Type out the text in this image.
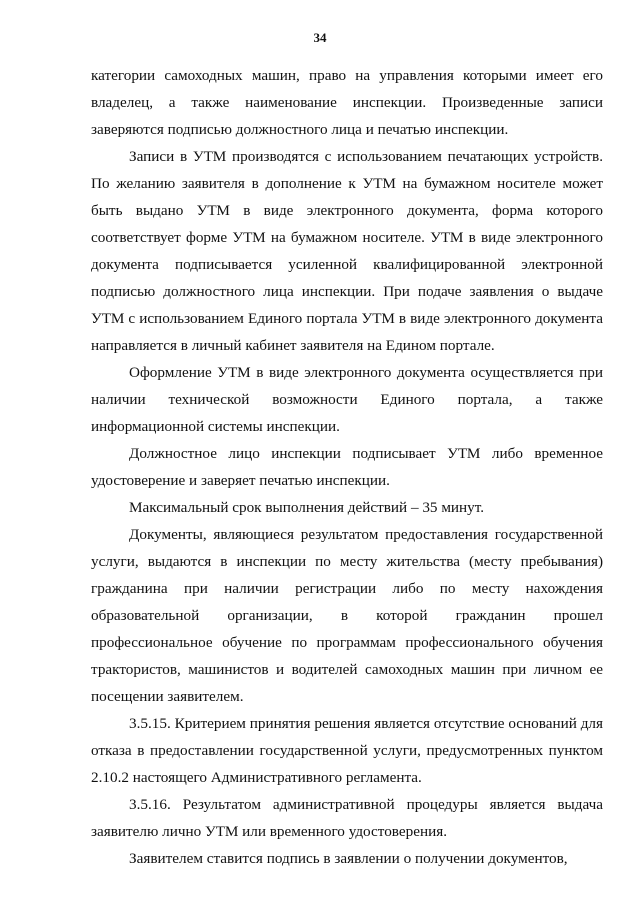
34

категории самоходных машин, право на управления которыми имеет его владелец, а также наименование инспекции. Произведенные записи заверяются подписью должностного лица и печатью инспекции.

Записи в УТМ производятся с использованием печатающих устройств. По желанию заявителя в дополнение к УТМ на бумажном носителе может быть выдано УТМ в виде электронного документа, форма которого соответствует форме УТМ на бумажном носителе. УТМ в виде электронного документа подписывается усиленной квалифицированной электронной подписью должностного лица инспекции. При подаче заявления о выдаче УТМ с использованием Единого портала УТМ в виде электронного документа направляется в личный кабинет заявителя на Едином портале.

Оформление УТМ в виде электронного документа осуществляется при наличии технической возможности Единого портала, а также информационной системы инспекции.

Должностное лицо инспекции подписывает УТМ либо временное удостоверение и заверяет печатью инспекции.

Максимальный срок выполнения действий – 35 минут.

Документы, являющиеся результатом предоставления государственной услуги, выдаются в инспекции по месту жительства (месту пребывания) гражданина при наличии регистрации либо по месту нахождения образовательной организации, в которой гражданин прошел профессиональное обучение по программам профессионального обучения трактористов, машинистов и водителей самоходных машин при личном ее посещении заявителем.

3.5.15. Критерием принятия решения является отсутствие оснований для отказа в предоставлении государственной услуги, предусмотренных пунктом 2.10.2 настоящего Административного регламента.

3.5.16. Результатом административной процедуры является выдача заявителю лично УТМ или временного удостоверения.

Заявителем ставится подпись в заявлении о получении документов,
